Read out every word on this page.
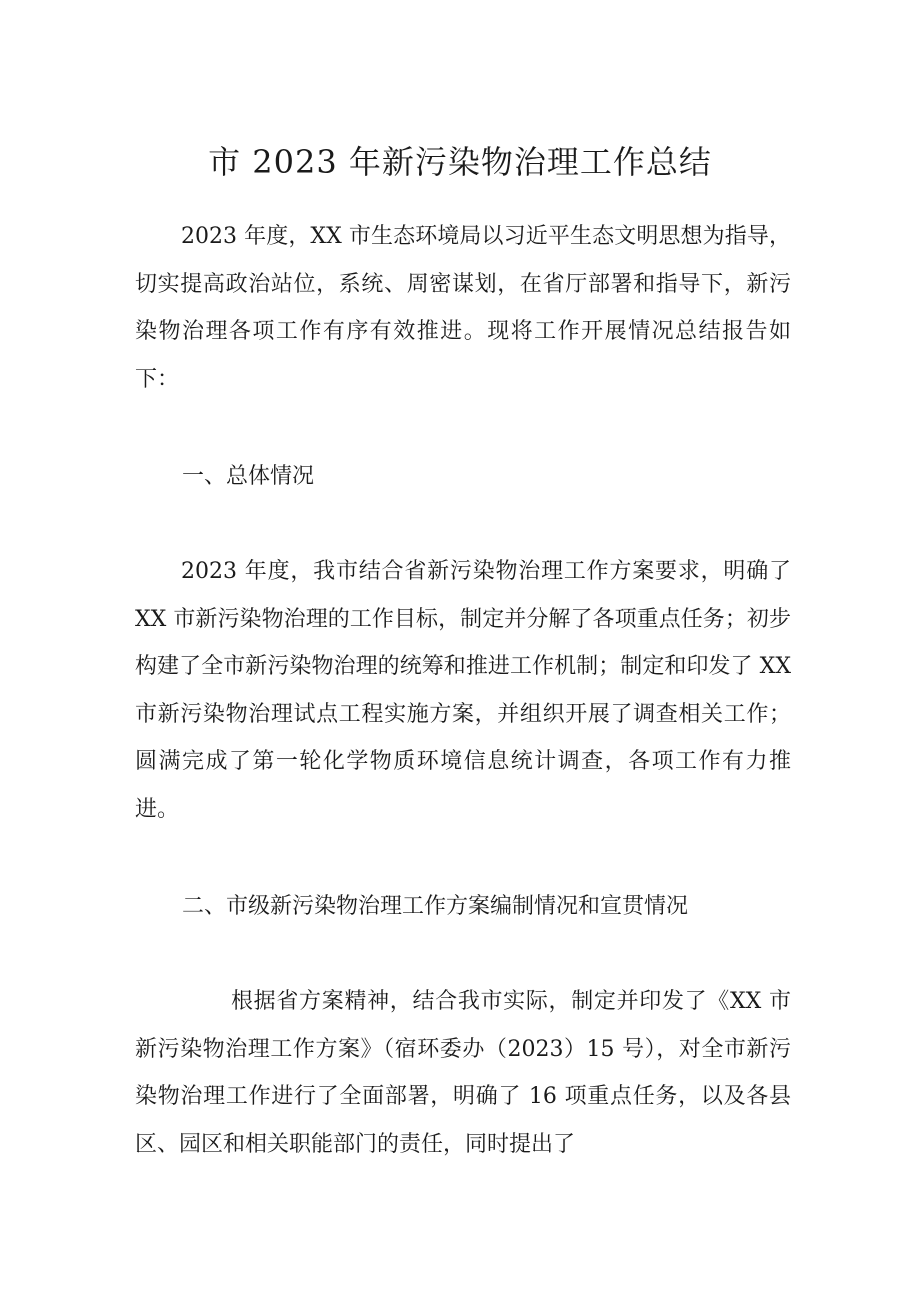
市 2023 年新污染物治理工作总结

2023 年度，XX 市生态环境局以习近平生态文明思想为指导，切实提高政治站位，系统、周密谋划，在省厅部署和指导下，新污染物治理各项工作有序有效推进。现将工作开展情况总结报告如下：

一、总体情况

2023 年度，我市结合省新污染物治理工作方案要求，明确了 XX 市新污染物治理的工作目标，制定并分解了各项重点任务；初步构建了全市新污染物治理的统筹和推进工作机制；制定和印发了 XX 市新污染物治理试点工程实施方案，并组织开展了调查相关工作；圆满完成了第一轮化学物质环境信息统计调查，各项工作有力推进。

二、市级新污染物治理工作方案编制情况和宣贯情况

根据省方案精神，结合我市实际，制定并印发了《XX 市新污染物治理工作方案》（宿环委办（2023）15 号），对全市新污染物治理工作进行了全面部署，明确了 16 项重点任务，以及各县区、园区和相关职能部门的责任，同时提出了
